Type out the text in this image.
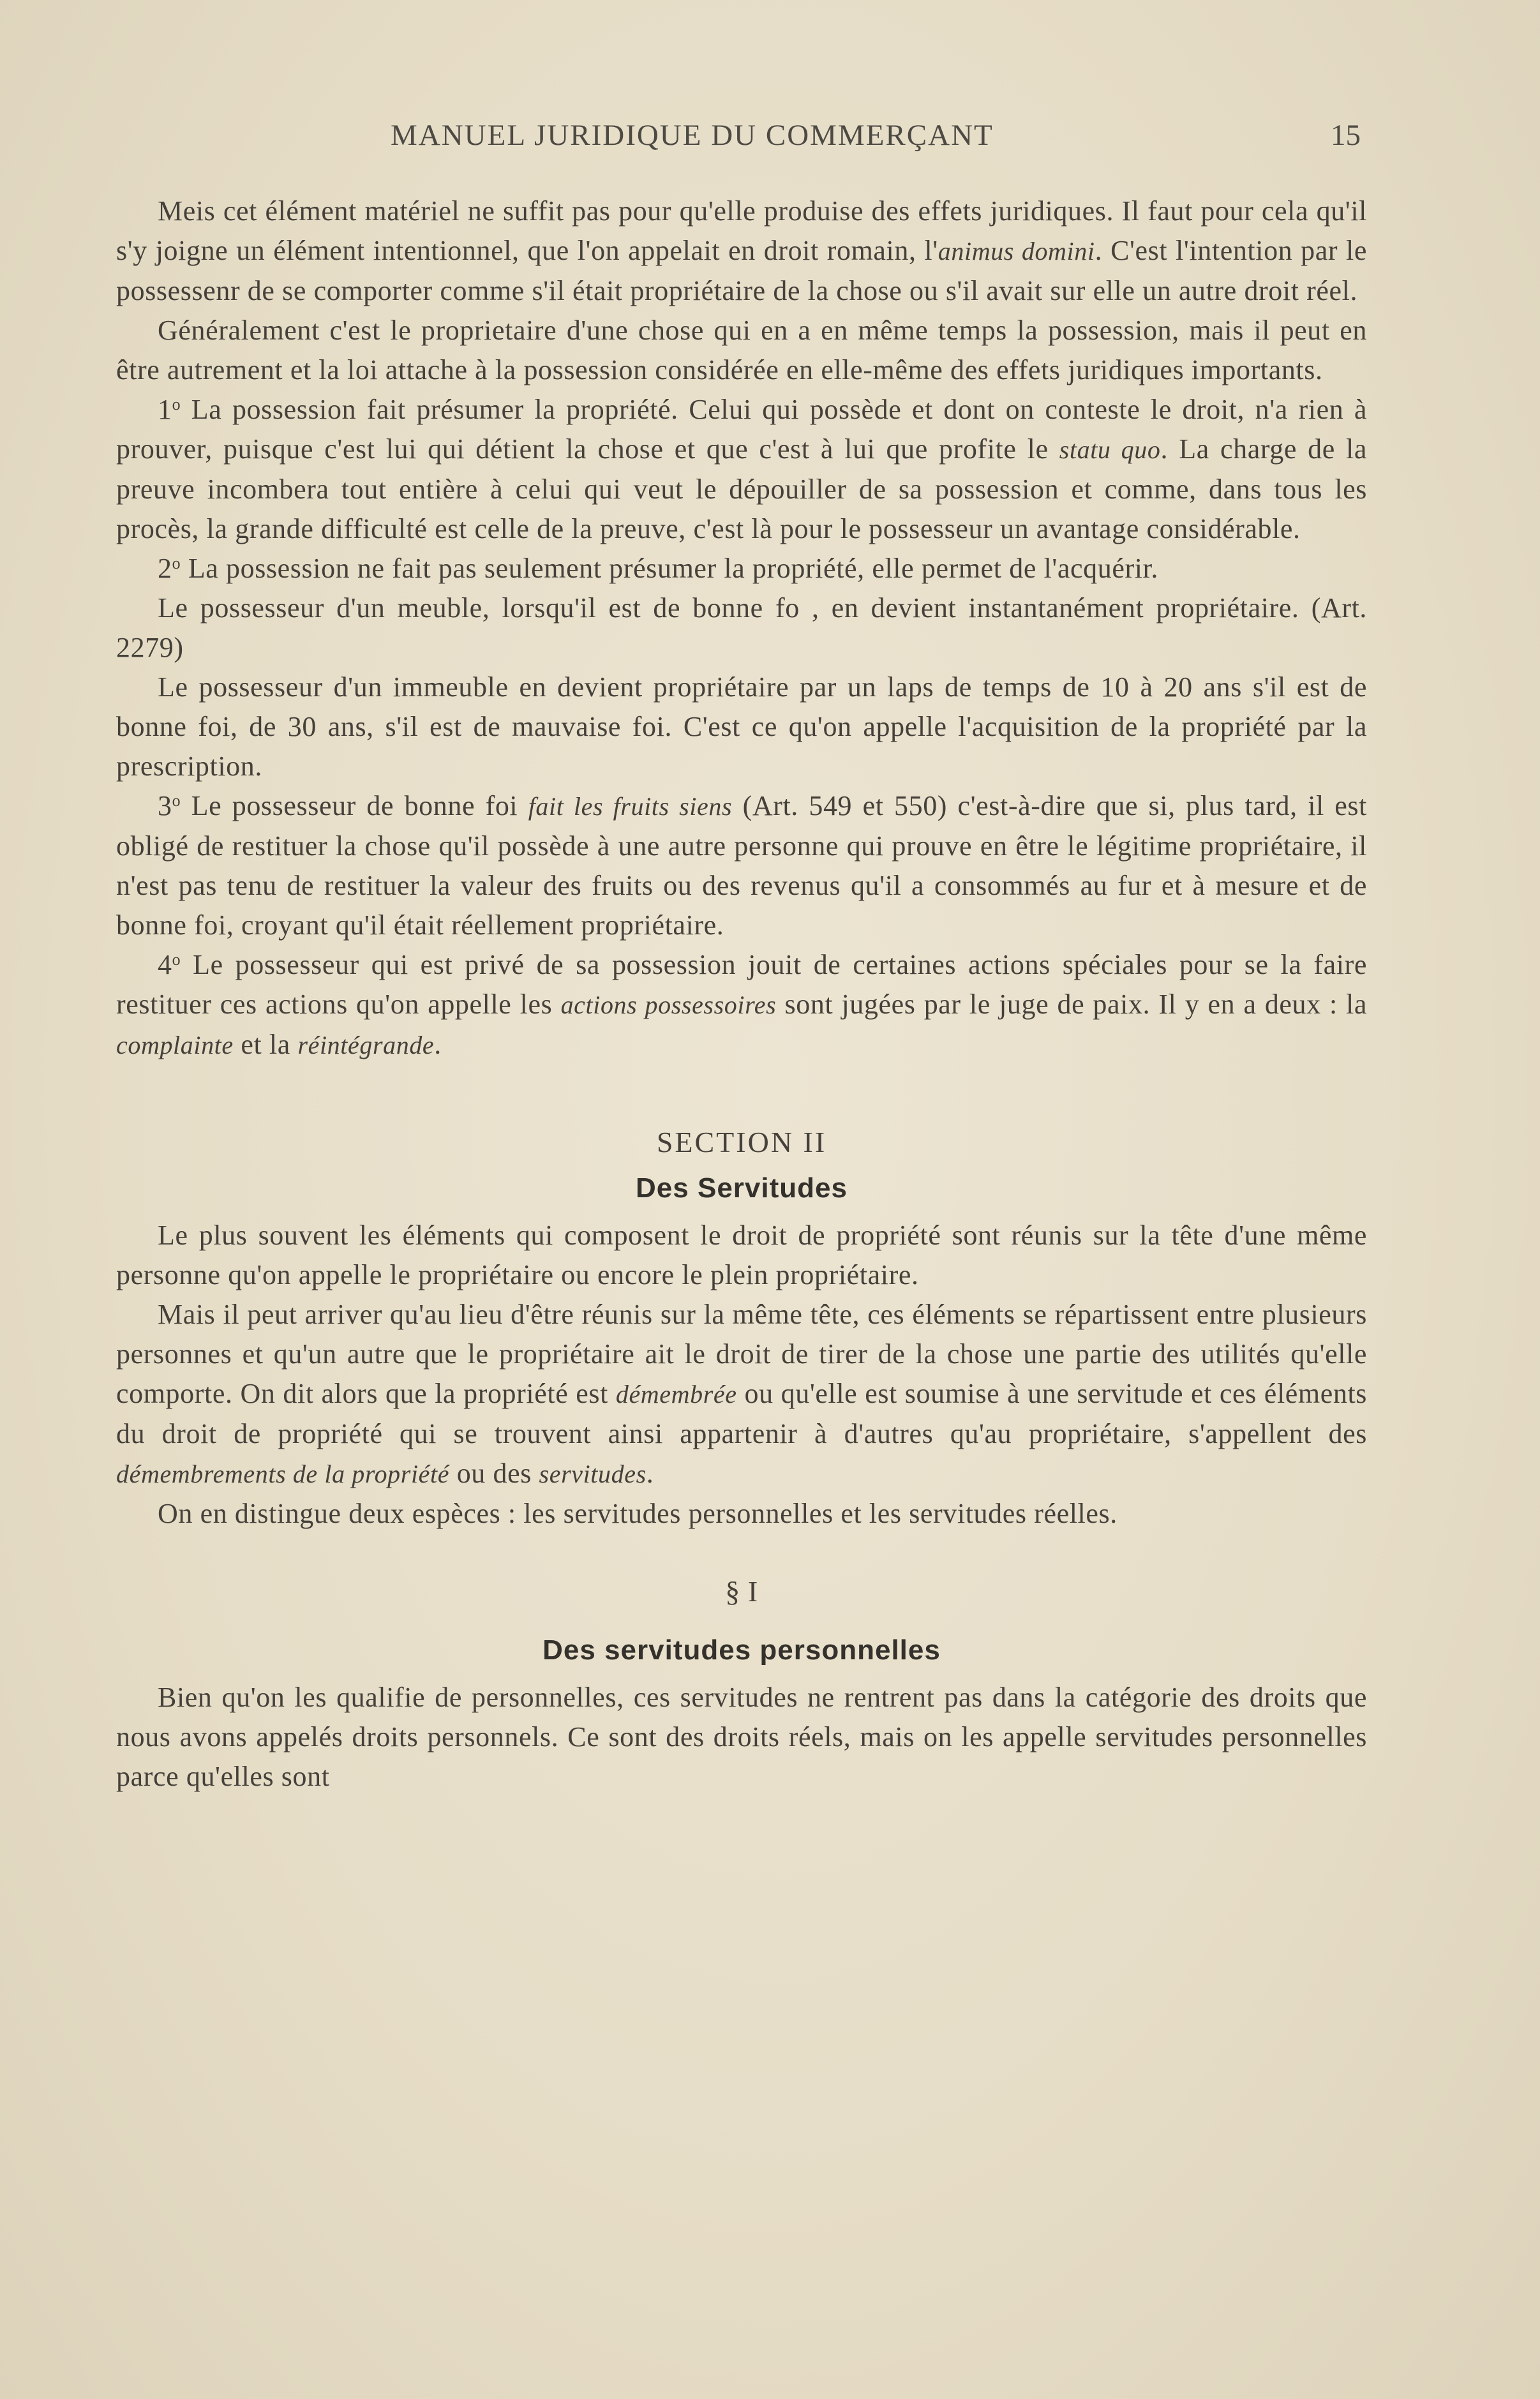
MANUEL JURIDIQUE DU COMMERÇANT	15

Meis cet élément matériel ne suffit pas pour qu'elle produise des effets juridiques. Il faut pour cela qu'il s'y joigne un élément intentionnel, que l'on appelait en droit romain, l'animus domini. C'est l'intention par le possessenr de se comporter comme s'il était propriétaire de la chose ou s'il avait sur elle un autre droit réel.

Généralement c'est le proprietaire d'une chose qui en a en même temps la possession, mais il peut en être autrement et la loi attache à la possession considérée en elle-même des effets juridiques importants.

1$^o$ La possession fait présumer la propriété. Celui qui possède et dont on conteste le droit, n'a rien à prouver, puisque c'est lui qui détient la chose et que c'est à lui que profite le statu quo. La charge de la preuve incombera tout entière à celui qui veut le dépouiller de sa possession et comme, dans tous les procès, la grande difficulté est celle de la preuve, c'est là pour le possesseur un avantage considérable.

2$^o$ La possession ne fait pas seulement présumer la propriété, elle permet de l'acquérir.

Le possesseur d'un meuble, lorsqu'il est de bonne fo , en devient instantanément propriétaire. (Art. 2279)

Le possesseur d'un immeuble en devient propriétaire par un laps de temps de 10 à 20 ans s'il est de bonne foi, de 30 ans, s'il est de mauvaise foi. C'est ce qu'on appelle l'acquisition de la propriété par la prescription.

3$^o$ Le possesseur de bonne foi fait les fruits siens (Art. 549 et 550) c'est-à-dire que si, plus tard, il est obligé de restituer la chose qu'il possède à une autre personne qui prouve en être le légitime propriétaire, il n'est pas tenu de restituer la valeur des fruits ou des revenus qu'il a consommés au fur et à mesure et de bonne foi, croyant qu'il était réellement propriétaire.

4$^o$ Le possesseur qui est privé de sa possession jouit de certaines actions spéciales pour se la faire restituer ces actions qu'on appelle les actions possessoires sont jugées par le juge de paix. Il y en a deux : la complainte et la réintégrande.

SECTION II
Des Servitudes

Le plus souvent les éléments qui composent le droit de propriété sont réunis sur la tête d'une même personne qu'on appelle le propriétaire ou encore le plein propriétaire.

Mais il peut arriver qu'au lieu d'être réunis sur la même tête, ces éléments se répartissent entre plusieurs personnes et qu'un autre que le propriétaire ait le droit de tirer de la chose une partie des utilités qu'elle comporte. On dit alors que la propriété est démembrée ou qu'elle est soumise à une servitude et ces éléments du droit de propriété qui se trouvent ainsi appartenir à d'autres qu'au propriétaire, s'appellent des démembrements de la propriété ou des servitudes.

On en distingue deux espèces : les servitudes personnelles et les servitudes réelles.

§ I
Des servitudes personnelles

Bien qu'on les qualifie de personnelles, ces servitudes ne rentrent pas dans la catégorie des droits que nous avons appelés droits personnels. Ce sont des droits réels, mais on les appelle servitudes personnelles parce qu'elles sont
